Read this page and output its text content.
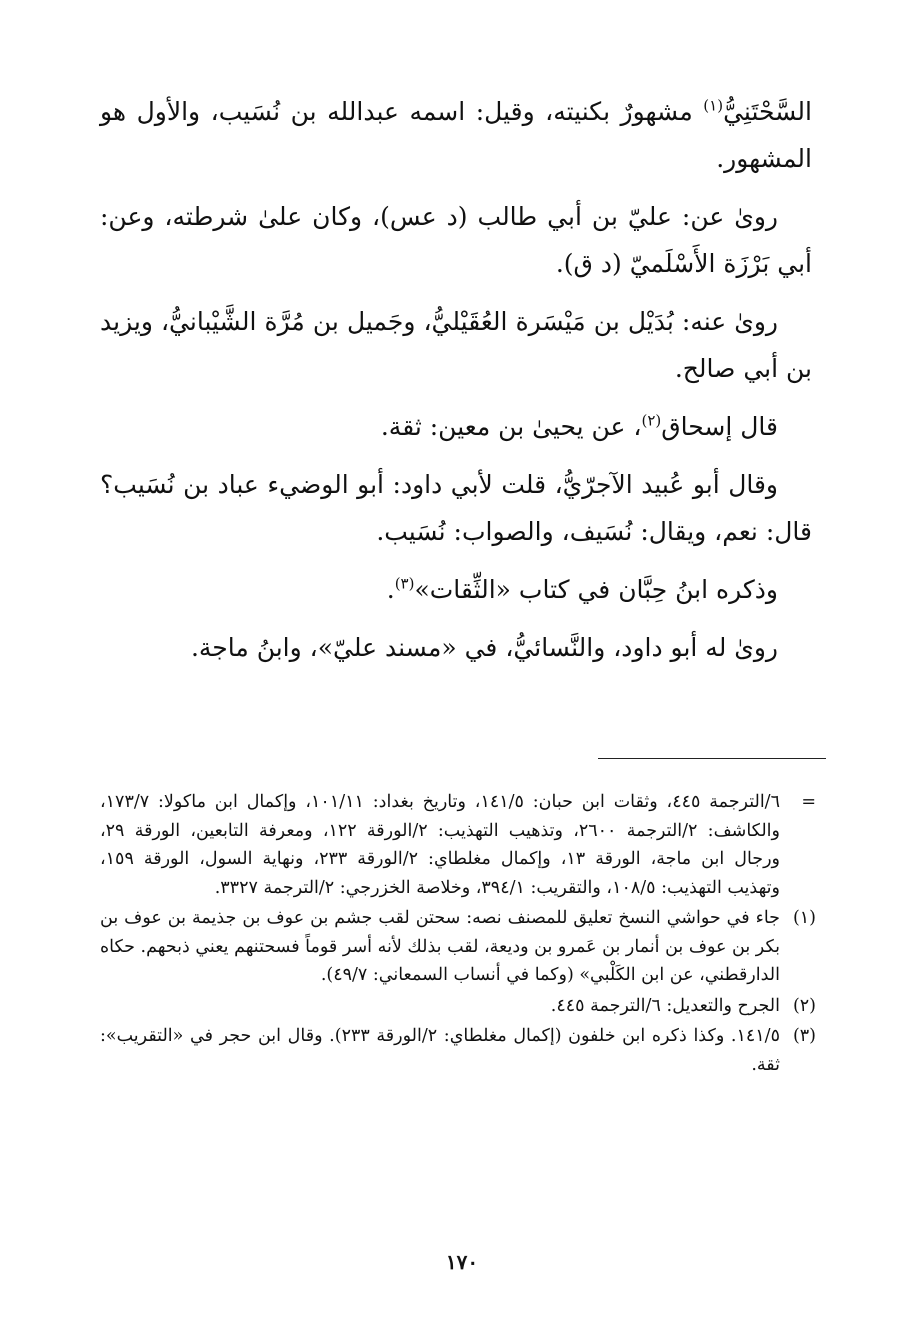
السَّحْتَنِيُّ$^{(١)}$ مشهورٌ بكنيته، وقيل: اسمه عبدالله بن نُسَيب، والأول هو المشهور.

روىٰ عن: عليّ بن أبي طالب (د عس)، وكان علىٰ شرطته، وعن: أبي بَرْزَة الأَسْلَميّ (د ق).

روىٰ عنه: بُدَيْل بن مَيْسَرة العُقَيْليُّ، وجَميل بن مُرَّة الشَّيْبانيُّ، ويزيد بن أبي صالح.

قال إسحاق$^{(٢)}$، عن يحيىٰ بن معين: ثقة.

وقال أبو عُبيد الآجرّيُّ، قلت لأبي داود: أبو الوضيء عباد بن نُسَيب؟ قال: نعم، ويقال: نُسَيف، والصواب: نُسَيب.

وذكره ابنُ حِبَّان في كتاب «الثِّقات»$^{(٣)}$.

روىٰ له أبو داود، والنَّسائيُّ، في «مسند عليّ»، وابنُ ماجة.

=
٦/الترجمة ٤٤٥، وثقات ابن حبان: ١٤١/٥، وتاريخ بغداد: ١٠١/١١، وإكمال ابن ماكولا: ١٧٣/٧، والكاشف: ٢/الترجمة ٢٦٠٠، وتذهيب التهذيب: ٢/الورقة ١٢٢، ومعرفة التابعين، الورقة ٢٩، ورجال ابن ماجة، الورقة ١٣، وإكمال مغلطاي: ٢/الورقة ٢٣٣، ونهاية السول، الورقة ١٥٩، وتهذيب التهذيب: ١٠٨/٥، والتقريب: ٣٩٤/١، وخلاصة الخزرجي: ٢/الترجمة ٣٣٢٧.
(١)
جاء في حواشي النسخ تعليق للمصنف نصه: سحتن لقب جشم بن عوف بن جذيمة بن عوف بن بكر بن عوف بن أنمار بن عَمرو بن وديعة، لقب بذلك لأنه أسر قوماً فسحتنهم يعني ذبحهم. حكاه الدارقطني، عن ابن الكَلْبي» (وكما في أنساب السمعاني: ٤٩/٧).
(٢)
الجرح والتعديل: ٦/الترجمة ٤٤٥.
(٣)
١٤١/٥. وكذا ذكره ابن خلفون (إكمال مغلطاي: ٢/الورقة ٢٣٣). وقال ابن حجر في «التقريب»: ثقة.
١٧٠
